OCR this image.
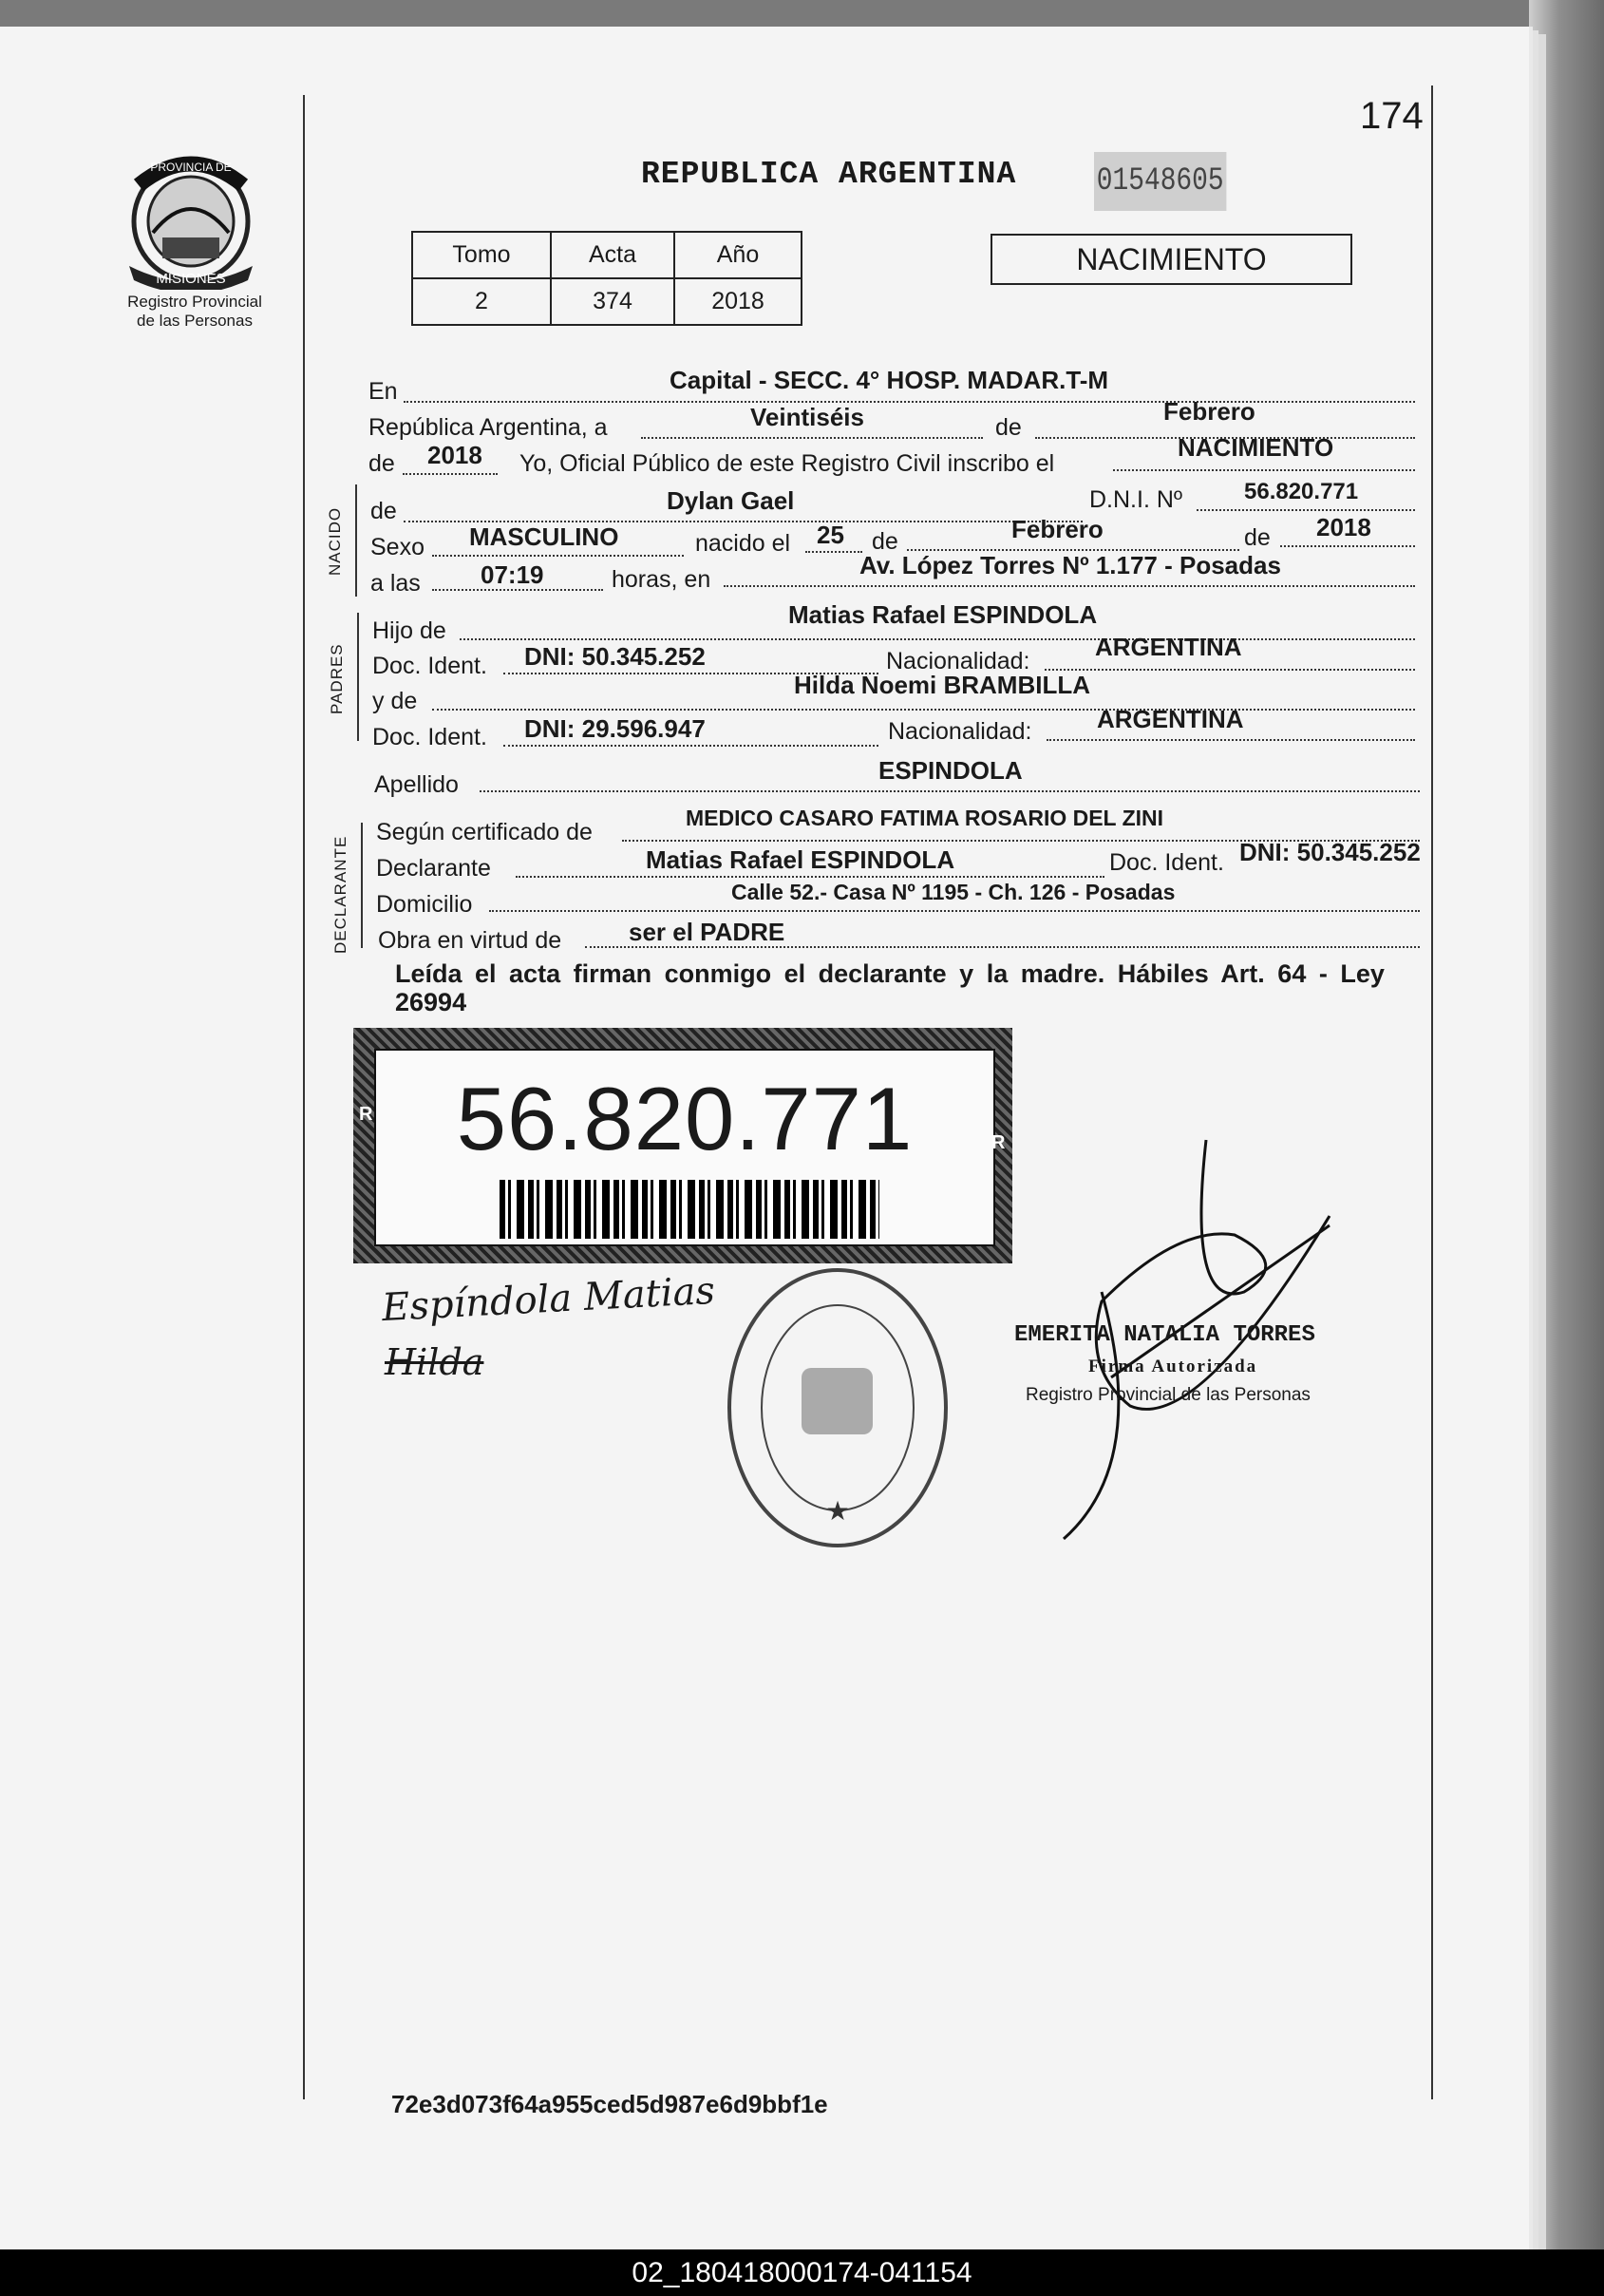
174
PROVINCIA DE
MISIONES
Registro Provincial
de las Personas
REPUBLICA ARGENTINA 01548605
Tomo	Acta	Año
2	374	2018
NACIMIENTO
En	Capital - SECC. 4° HOSP. MADAR.T-M
República Argentina, a	Veintiséis	de
Febrero
de 2018 Yo, Oficial Público de este Registro Civil inscribo el
NACIMIENTO
NACIDO de	Dylan Gael	D.N.I. Nº	56.820.771
Sexo MASCULINO	nacido el 25 de	Febrero	de 2018
a las 07:19	horas, en	Av. López Torres Nº 1.177 - Posadas
PADRES
Hijo de
Matias Rafael ESPINDOLA
Doc. Ident. DNI: 50.345.252	Nacionalidad:	ARGENTINA
y de
Hilda Noemi BRAMBILLA
Doc. Ident. DNI: 29.596.947	Nacionalidad:	ARGENTINA
Apellido	ESPINDOLA
DECLARANTE
Según certificado de
MEDICO CASARO FATIMA ROSARIO DEL ZINI
Declarante	Matias Rafael ESPINDOLA	Doc. Ident. DNI: 50.345.252
Domicilio	Calle 52.- Casa Nº 1195 - Ch. 126 - Posadas
Obra en virtud de	ser el PADRE
Leída el acta firman conmigo el declarante y la madre. Hábiles Art. 64 - Ley 26994
56.820.771
R
R
Espíndola Matias
Hilda
★
EMERITA NATALIA TORRES
Firma Autorizada
Registro Provincial de las Personas
72e3d073f64a955ced5d987e6d9bbf1e
02_180418000174-041154
